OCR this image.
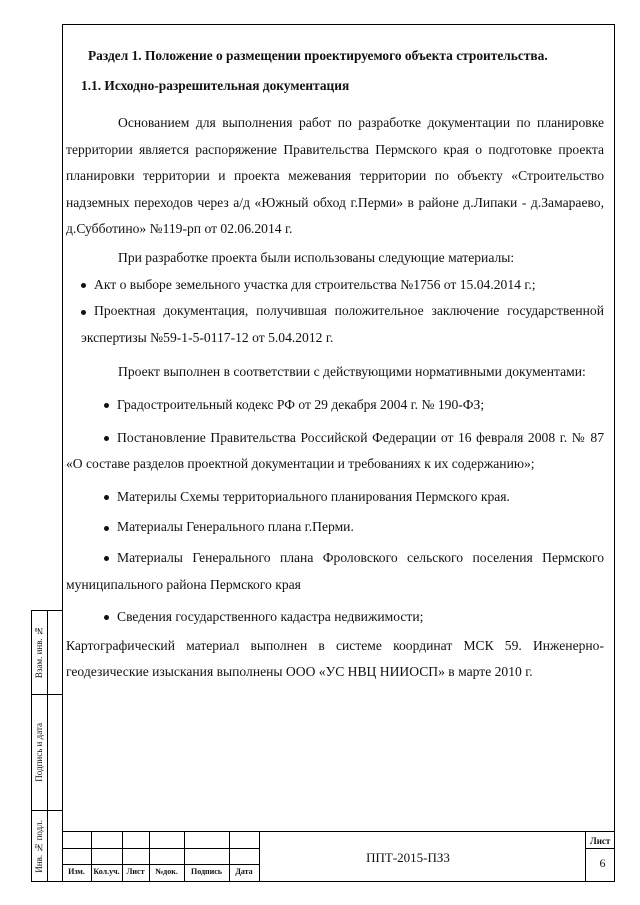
Взам. инв. №
Подпись и дата
Инв. № подл.
Раздел 1. Положение о размещении проектируемого объекта строительства.
1.1. Исходно-разрешительная документация

Основанием для выполнения работ по разработке документации по планировке территории является распоряжение Правительства Пермского края о подготовке проекта планировки территории и проекта межевания территории по объекту «Строительство надземных переходов через а/д «Южный обход г.Перми» в районе д.Липаки - д.Замараево, д.Субботино» №119-рп от 02.06.2014 г.

При разработке проекта были использованы следующие материалы:

Акт о выборе земельного участка для строительства №1756 от 15.04.2014 г.;

Проектная документация, получившая положительное заключение государственной экспертизы №59-1-5-0117-12 от 5.04.2012 г.

Проект выполнен в соответствии с действующими нормативными документами:

Градостроительный кодекс РФ от 29 декабря 2004 г. № 190-ФЗ;

Постановление Правительства Российской Федерации от 16 февраля 2008 г. № 87 «О составе разделов проектной документации и требованиях к их содержанию»;

Материлы Схемы территориального планирования Пермского края.

Материалы Генерального плана г.Перми.

Материалы Генерального плана Фроловского сельского поселения Пермского муниципального района Пермского края

Сведения государственного кадастра недвижимости;

Картографический материал выполнен в системе координат МСК 59. Инженерно-геодезические изыскания выполнены ООО «УС НВЦ НИИОСП» в марте 2010 г.

Изм.	Кол.уч. Лист	№док.	Подпись	Дата
ППТ-2015-ПЗ3
Лист
6
